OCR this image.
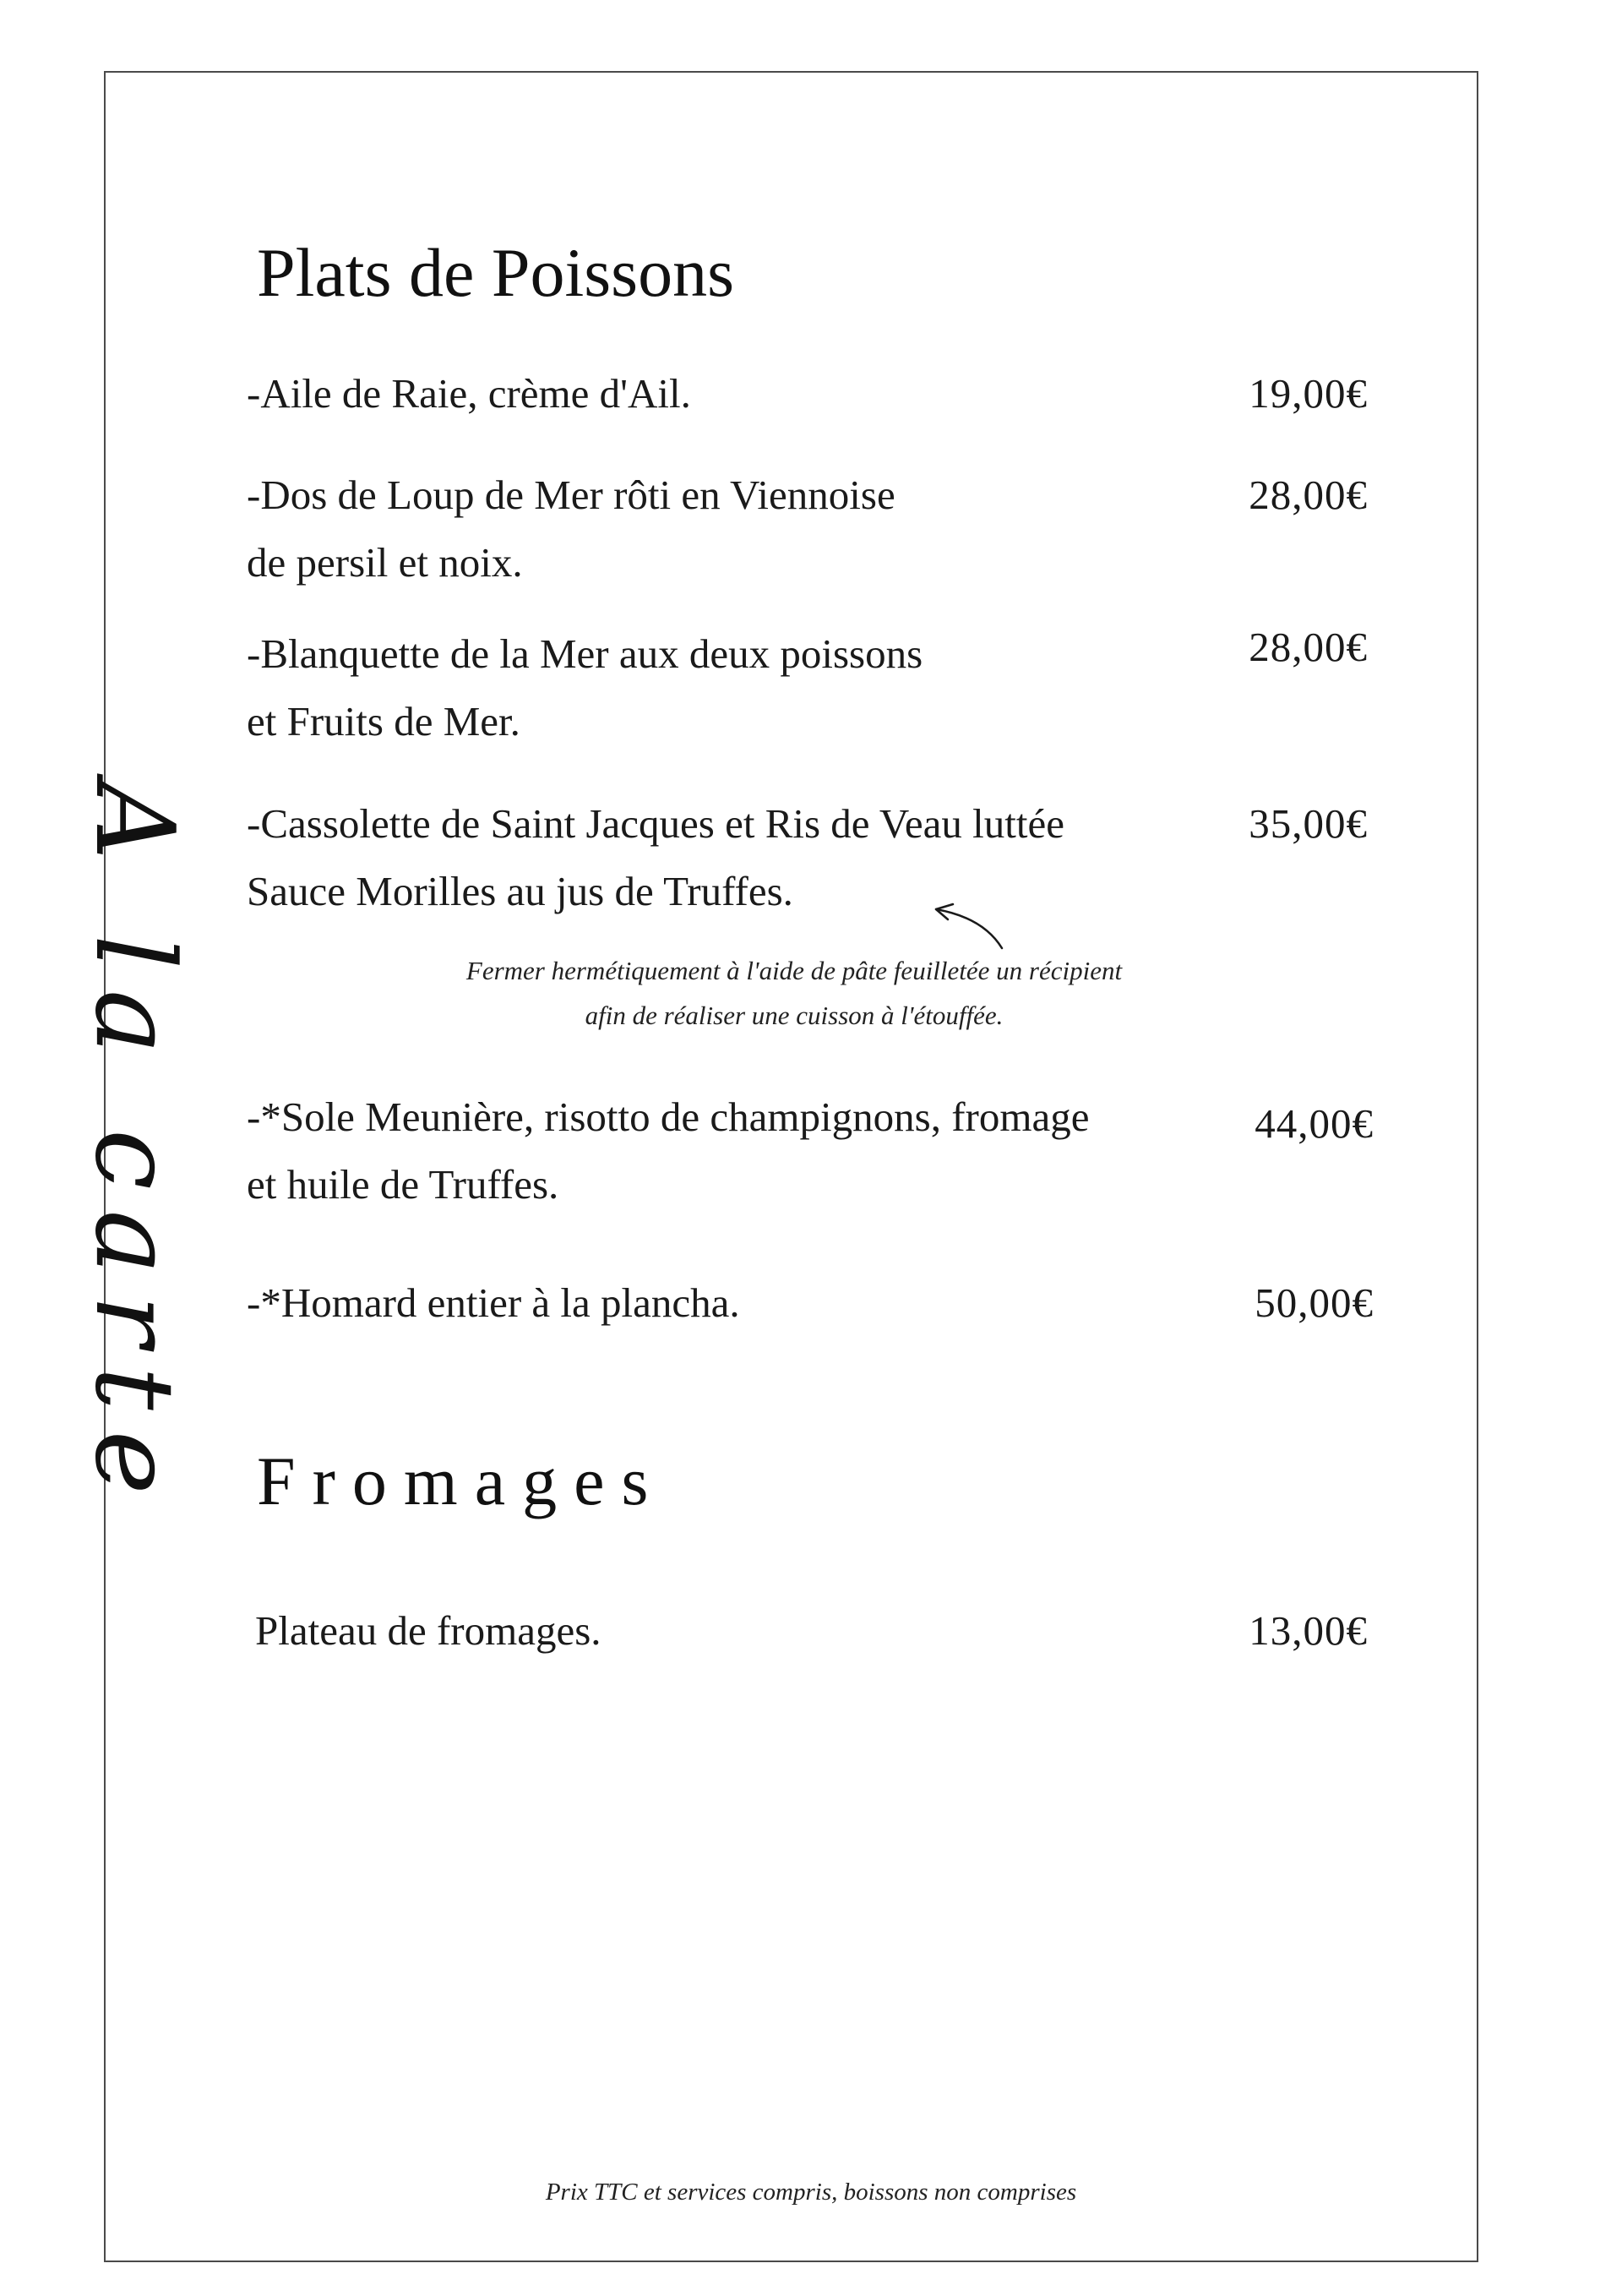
A la carte
Plats de Poissons
-Aile de Raie, crème d'Ail.	19,00€
-Dos de Loup de Mer rôti en Viennoise
de persil et noix.
28,00€
-Blanquette de la Mer aux deux poissons
et Fruits de Mer.
28,00€
-Cassolette de Saint Jacques et Ris de Veau luttée
Sauce Morilles au jus de Truffes.
35,00€
Fermer hermétiquement à l'aide de pâte feuilletée un récipient
afin de réaliser une cuisson à l'étouffée.
-*Sole Meunière, risotto de champignons, fromage
et huile de Truffes.
44,00€
-*Homard entier à la plancha.	50,00€
Fromages
Plateau de fromages.	13,00€
Prix TTC et services compris, boissons non comprises
